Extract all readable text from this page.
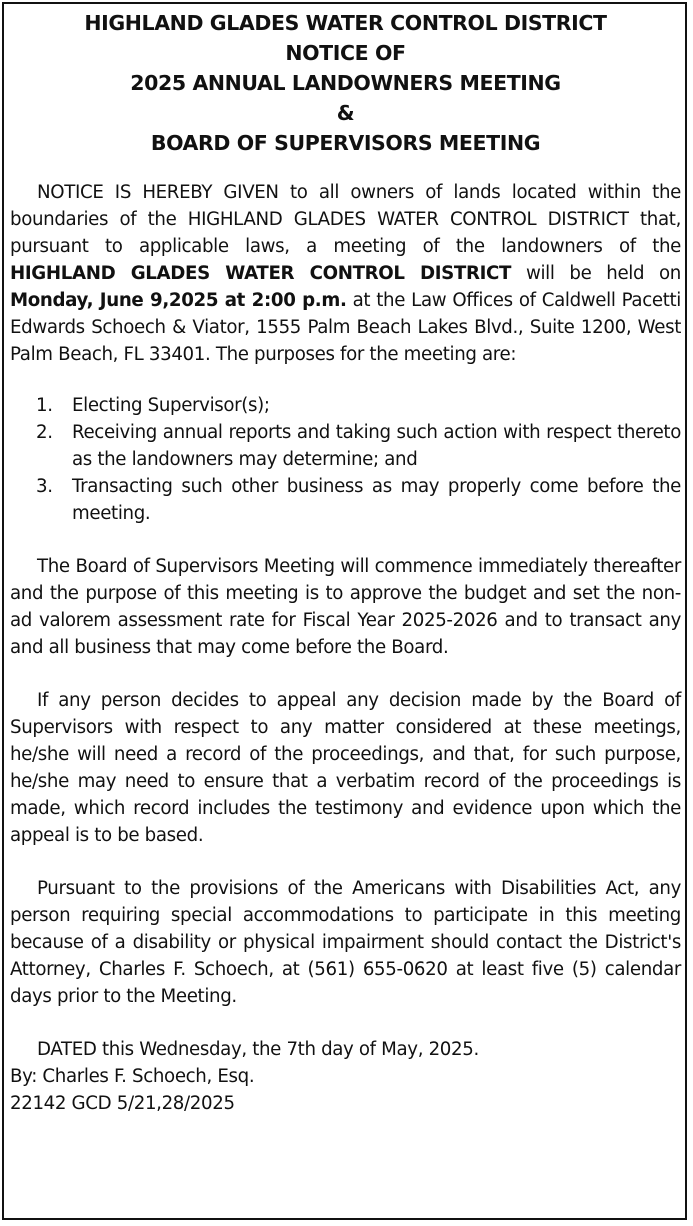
HIGHLAND GLADES WATER CONTROL DISTRICT
NOTICE OF
2025 ANNUAL LANDOWNERS MEETING
&
BOARD OF SUPERVISORS MEETING

NOTICE IS HEREBY GIVEN to all owners of lands located within the boundaries of the HIGHLAND GLADES WATER CONTROL DISTRICT that, pursuant to applicable laws, a meeting of the landowners of the HIGHLAND GLADES WATER CONTROL DISTRICT will be held on Monday, June 9,2025 at 2:00 p.m. at the Law Offices of Caldwell Pacetti Edwards Schoech & Viator, 1555 Palm Beach Lakes Blvd., Suite 1200, West Palm Beach, FL 33401. The purposes for the meeting are:

1. Electing Supervisor(s);
2. Receiving annual reports and taking such action with respect thereto as the landowners may determine; and
3. Transacting such other business as may properly come before the meeting.

The Board of Supervisors Meeting will commence immediately thereafter and the purpose of this meeting is to approve the budget and set the non-ad valorem assessment rate for Fiscal Year 2025-2026 and to transact any and all business that may come before the Board.

If any person decides to appeal any decision made by the Board of Supervisors with respect to any matter considered at these meetings, he/she will need a record of the proceedings, and that, for such purpose, he/she may need to ensure that a verbatim record of the proceedings is made, which record includes the testimony and evidence upon which the appeal is to be based.

Pursuant to the provisions of the Americans with Disabilities Act, any person requiring special accommodations to participate in this meeting because of a disability or physical impairment should contact the District's Attorney, Charles F. Schoech, at (561) 655-0620 at least five (5) calendar days prior to the Meeting.

DATED this Wednesday, the 7th day of May, 2025.
By: Charles F. Schoech, Esq.
22142 GCD 5/21,28/2025
